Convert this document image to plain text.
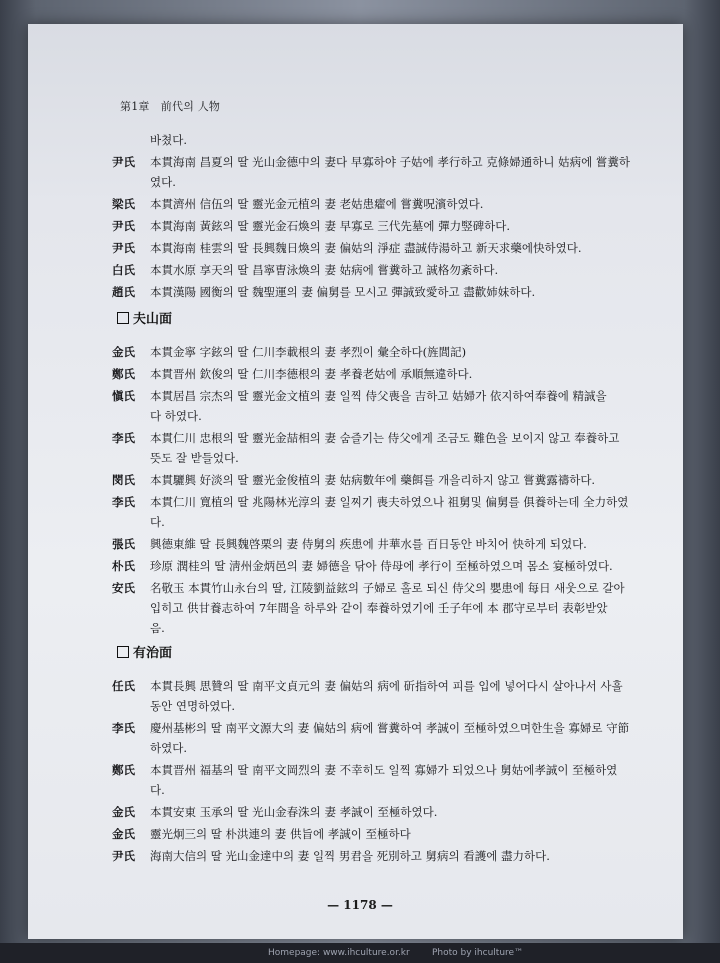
第1章　前代의 人物
바쳤다.
尹氏	本貫海南 昌夏의 딸 光山金德中의 妻다 早寡하야 子姑에 孝行하고 克條婦通하니 姑病에 嘗糞하
였다.
梁氏	本貫濟州 信伍의 딸 靈光金元植의 妻 老姑患癨에 嘗糞呪濱하였다.
尹氏	本貫海南 黃鉉의 딸 靈光金石煥의 妻 早寡로 三代先墓에 彈力竪碑하다.
尹氏	本貫海南 桂雲의 딸 長興魏日煥의 妻 偏姑의 淨症 盡誠侍湯하고 新天求藥에快하였다.
白氏	本貫水原 享天의 딸 昌寧曺泳煥의 妻 姑病에 嘗糞하고 誠格勿紊하다.
趙氏	本貫漢陽 國衡의 딸 魏聖運의 妻 偏舅를 모시고 彈誠致愛하고 盡歡姉妹하다.
夫山面
金氏	本貫金寧 字鉉의 딸 仁川李載根의 妻 孝烈이 彙全하다(旌閭記)
鄭氏	本貫晋州 欽俊의 딸 仁川李德根의 妻 孝養老姑에 承順無違하다.
愼氏	本貫居昌 宗杰의 딸 靈光金文植의 妻 일찍 侍父喪을 吉하고 姑婦가 依지하여奉養에 精誠을
다 하였다.
李氏	本貫仁川 忠根의 딸 靈光金喆相의 妻 숨즐기는 侍父에게 조금도 難色을 보이지 않고 奉養하고
뜻도 잘 받들었다.
閔氏	本貫驪興 好淡의 딸 靈光金俊植의 妻 姑病數年에 藥餌를 개을리하지 않고 嘗糞露禱하다.
李氏	本貫仁川 寬植의 딸 兆陽林光淳의 妻 일찌기 喪夫하였으나 祖舅및 偏舅를 俱養하는데 全力하였
다.
張氏	興德東維 딸 長興魏啓栗의 妻 侍舅의 疾患에 井華水를 百日동안 바치어 快하게 되었다.
朴氏	珍原 潤桂의 딸 淸州金炳邑의 妻 婦德을 닦아 侍母에 孝行이 至極하였으며 몸소 宴極하였다.
安氏	名敬玉 本貫竹山永台의 딸, 江陵劉益鉉의 子婦로 홀로 되신 侍父의 嬰患에 每日 새웃으로 갈아
입히고 供甘養志하여 7年間을 하루와 같이 奉養하였기에 壬子年에 本 郡守로부터 表彰받았
음.
有治面
任氏	本貫長興 思贊의 딸 南平文貞元의 妻 偏姑의 病에 斫指하여 피를 입에 넣어다시 살아나서 사흘
동안 연명하였다.
李氏	慶州基彬의 딸 南平文源大의 妻 偏姑의 病에 嘗糞하여 孝誠이 至極하였으며한生을 寡婦로 守節
하였다.
鄭氏	本貫晋州 福基의 딸 南平文岡烈의 妻 不幸히도 일찍 寡婦가 되었으나 舅姑에孝誠이 至極하였
다.
金氏	本貫安東 玉承의 딸 光山金春洙의 妻 孝誠이 至極하였다.
金氏	靈光炯三의 딸 朴洪連의 妻 供旨에 孝誠이 至極하다
尹氏	海南大信의 딸 光山金達中의 妻 일찍 男君을 死別하고 舅病의 看護에 盡力하다.
— 1178 —
Homepage: www.ihculture.or.kr Photo by ihculture™
